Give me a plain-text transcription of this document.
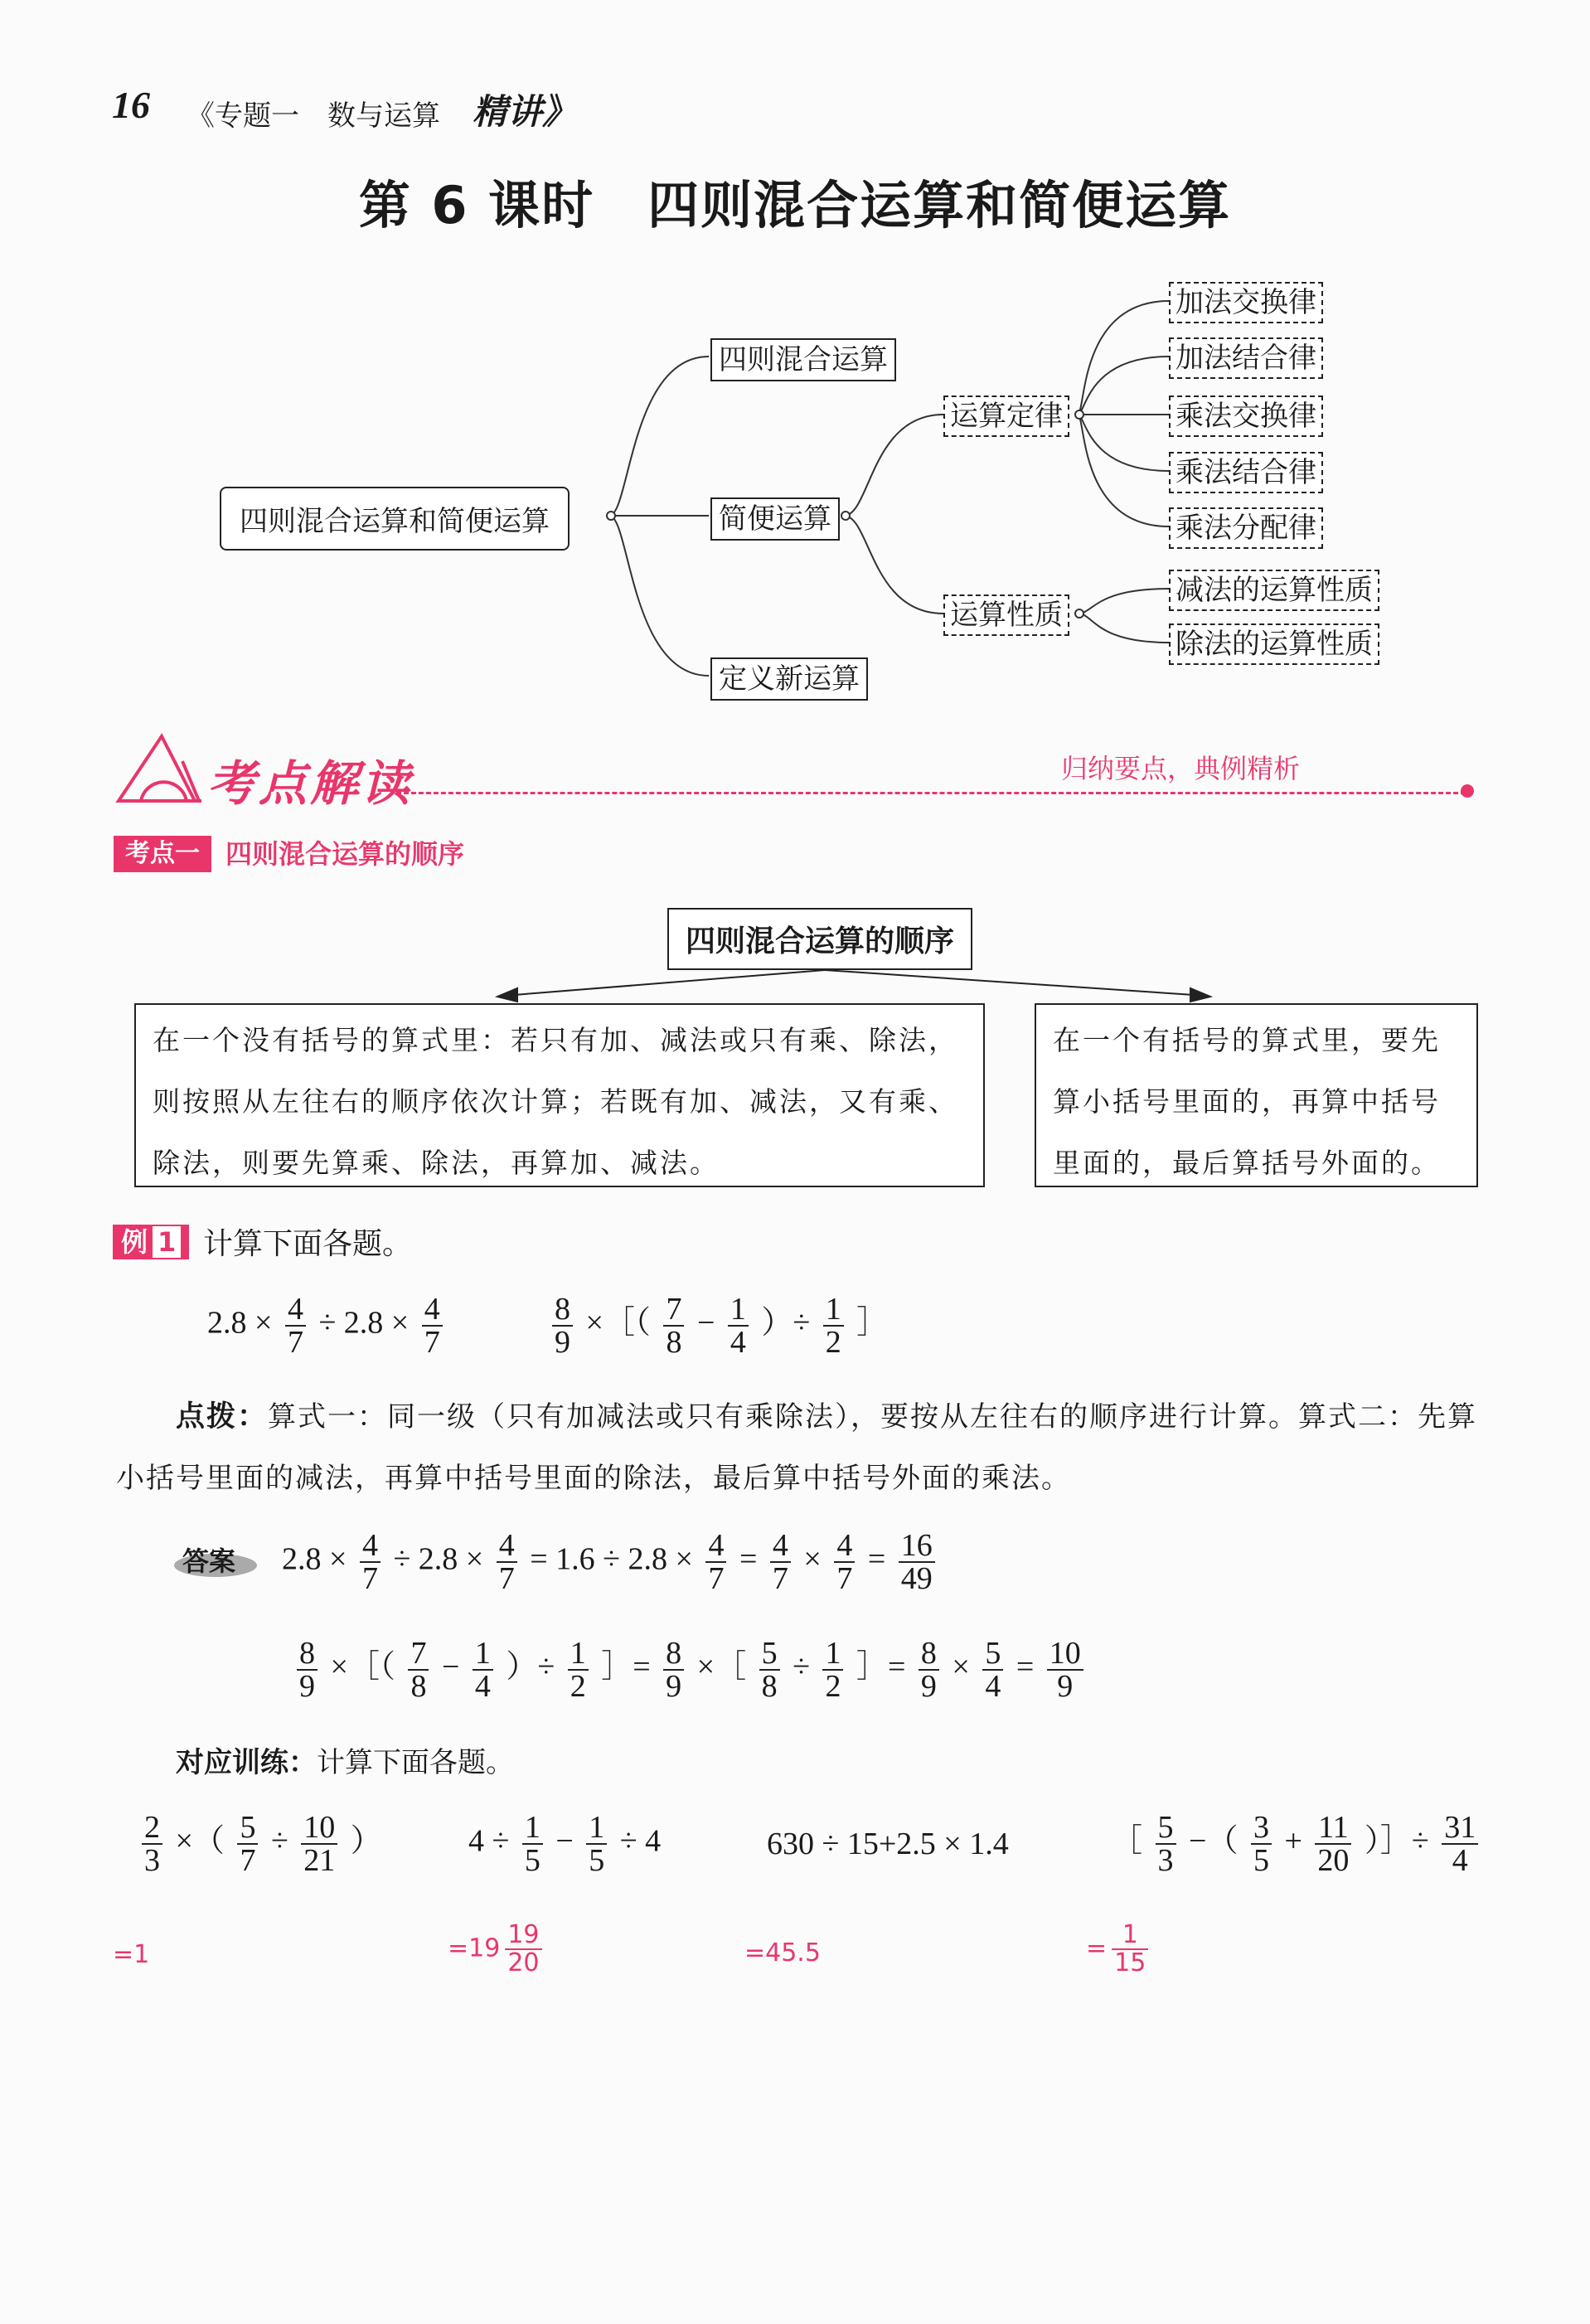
16 《专题一　数与运算 精讲》
第 6 课时　四则混合运算和简便运算
四则混合运算和简便运算
四则混合运算
简便运算
定义新运算
运算定律
运算性质
加法交换律
加法结合律
乘法交换律
乘法结合律
乘法分配律
减法的运算性质
除法的运算性质
考点解读	归纳要点，典例精析
考点一 四则混合运算的顺序
四则混合运算的顺序
在一个没有括号的算式里：若只有加、减法或只有乘、除法，则按照从左往右的顺序依次计算；若既有加、减法，又有乘、除法，则要先算乘、除法，再算加、减法。
在一个有括号的算式里，要先算小括号里面的，再算中括号里面的，最后算括号外面的。
例 1 计算下面各题。
$2.8 \times \frac{4}{7} \div 2.8 \times \frac{4}{7}$	$\frac{8}{9}$ ×［（ $\frac{7}{8} - \frac{1}{4}$ ）÷ $\frac{1}{2}$ ］
点拨：算式一：同一级（只有加减法或只有乘除法），要按从左往右的顺序进行计算。算式二：先算小括号里面的减法，再算中括号里面的除法，最后算中括号外面的乘法。
答案 $2.8 \times \frac{4}{7} \div 2.8 \times \frac{4}{7} = 1.6 \div 2.8 \times \frac{4}{7} = \frac{4}{7} \times \frac{4}{7} = \frac{16}{49}$
$\frac{8}{9}$ ×［（ $\frac{7}{8} - \frac{1}{4}$ ）÷ $\frac{1}{2}$ ］= $\frac{8}{9}$ ×［ $\frac{5}{8} \div \frac{1}{2}$ ］= $\frac{8}{9} \times \frac{5}{4} = \frac{10}{9}$
对应训练：计算下面各题。
$\frac{2}{3}$ ×（ $\frac{5}{7} \div \frac{10}{21}$ ）	$4 \div \frac{1}{5} - \frac{1}{5} \div 4$	630 ÷ 15+2.5 × 1.4	［ $\frac{5}{3}$ −（ $\frac{3}{5} + \frac{11}{20}$ ）］÷ $\frac{31}{4}$
=1	$=19 \frac{19}{20}$	=45.5	= $\frac{1}{15}$
